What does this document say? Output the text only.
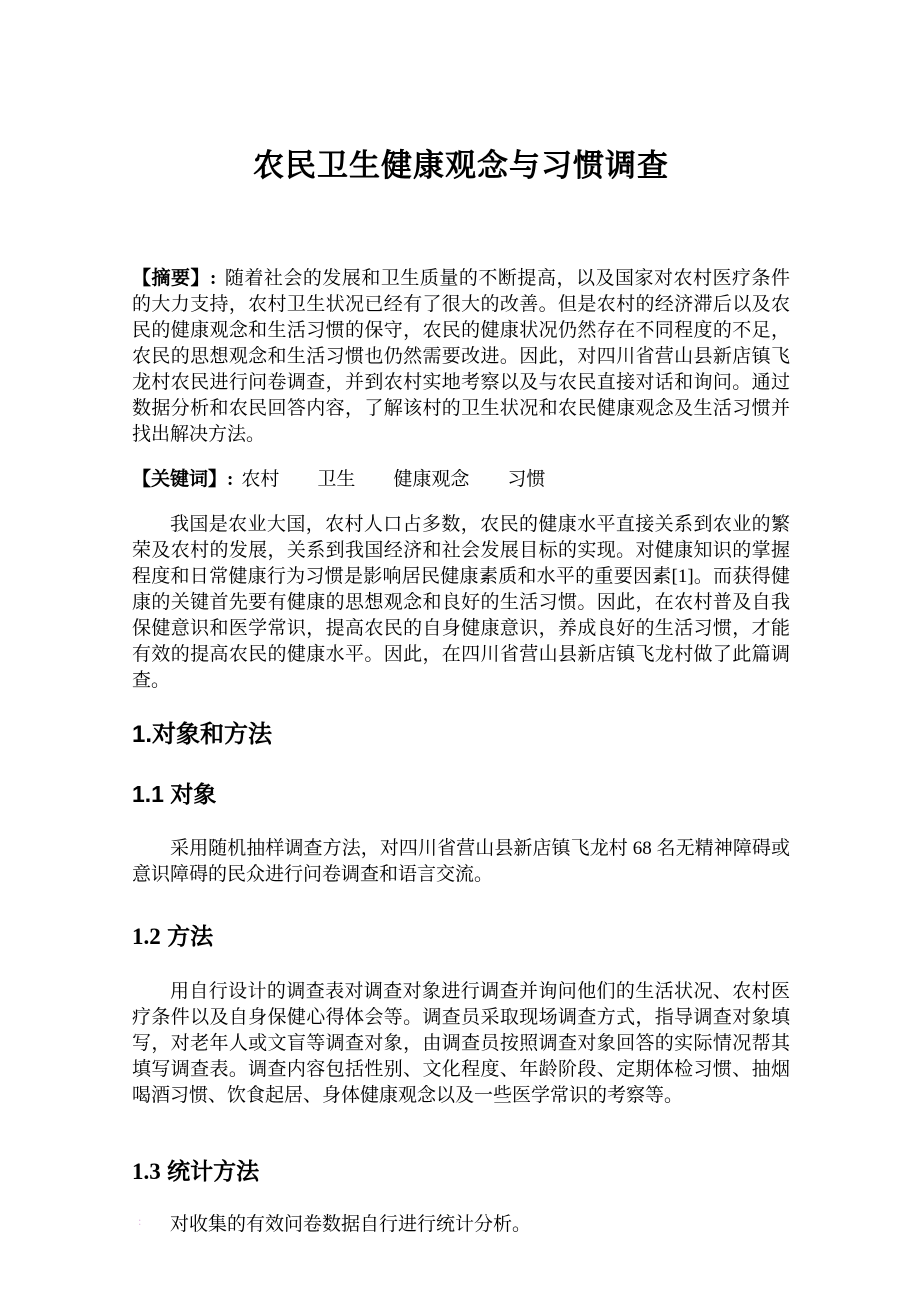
农民卫生健康观念与习惯调查

【摘要】: 随着社会的发展和卫生质量的不断提高，以及国家对农村医疗条件的大力支持，农村卫生状况已经有了很大的改善。但是农村的经济滞后以及农民的健康观念和生活习惯的保守，农民的健康状况仍然存在不同程度的不足，农民的思想观念和生活习惯也仍然需要改进。因此，对四川省营山县新店镇飞龙村农民进行问卷调查，并到农村实地考察以及与农民直接对话和询问。通过数据分析和农民回答内容，了解该村的卫生状况和农民健康观念及生活习惯并找出解决方法。

【关键词】: 农村　　卫生　　健康观念　　习惯

我国是农业大国，农村人口占多数，农民的健康水平直接关系到农业的繁荣及农村的发展，关系到我国经济和社会发展目标的实现。对健康知识的掌握程度和日常健康行为习惯是影响居民健康素质和水平的重要因素[1]。而获得健康的关键首先要有健康的思想观念和良好的生活习惯。因此，在农村普及自我保健意识和医学常识，提高农民的自身健康意识，养成良好的生活习惯，才能有效的提高农民的健康水平。因此，在四川省营山县新店镇飞龙村做了此篇调查。

1.对象和方法
1.1 对象

采用随机抽样调查方法，对四川省营山县新店镇飞龙村 68 名无精神障碍或意识障碍的民众进行问卷调查和语言交流。

1.2 方法

用自行设计的调查表对调查对象进行调查并询问他们的生活状况、农村医疗条件以及自身保健心得体会等。调查员采取现场调查方式，指导调查对象填写，对老年人或文盲等调查对象，由调查员按照调查对象回答的实际情况帮其填写调查表。调查内容包括性别、文化程度、年龄阶段、定期体检习惯、抽烟喝酒习惯、饮食起居、身体健康观念以及一些医学常识的考察等。

1.3 统计方法

对收集的有效问卷数据自行进行统计分析。

:
